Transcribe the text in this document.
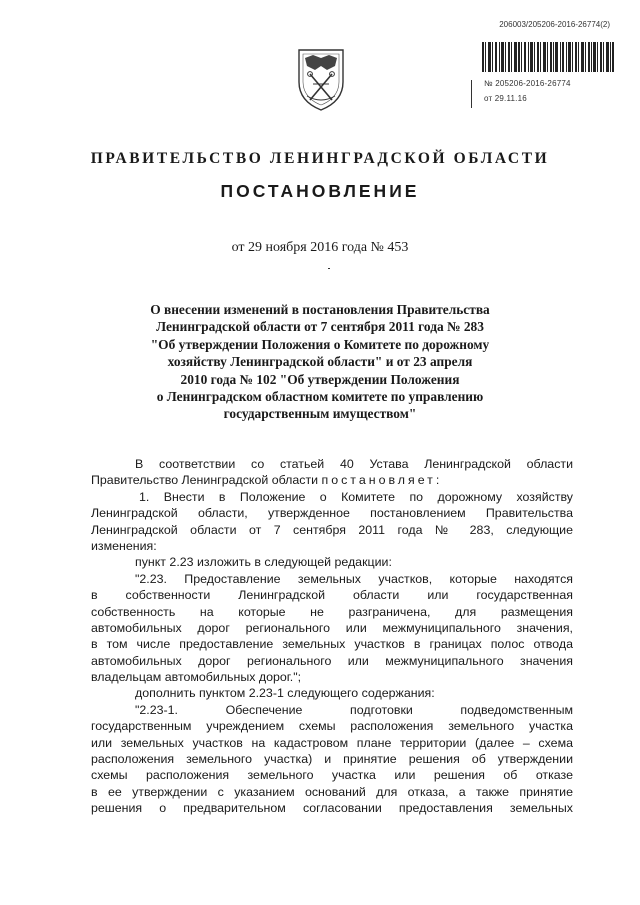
206003/205206-2016-26774(2)
№ 205206-2016-26774
от 29.11.16
ПРАВИТЕЛЬСТВО ЛЕНИНГРАДСКОЙ ОБЛАСТИ
ПОСТАНОВЛЕНИЕ
от 29 ноября 2016 года № 453
О внесении изменений в постановления Правительства
Ленинградской области от 7 сентября 2011 года № 283
"Об утверждении Положения о Комитете по дорожному
хозяйству Ленинградской области" и от 23 апреля
2010 года № 102 "Об утверждении Положения
о Ленинградском областном комитете по управлению
государственным имуществом"
В соответствии со статьей 40 Устава Ленинградской области
Правительство Ленинградской области постановляет:
1. Внести в Положение о Комитете по дорожному хозяйству
Ленинградской области, утвержденное постановлением Правительства
Ленинградской области от 7 сентября 2011 года № 283, следующие
изменения:
пункт 2.23 изложить в следующей редакции:
"2.23. Предоставление земельных участков, которые находятся
в собственности Ленинградской области или государственная
собственность на которые не разграничена, для размещения
автомобильных дорог регионального или межмуниципального значения,
в том числе предоставление земельных участков в границах полос отвода
автомобильных дорог регионального или межмуниципального значения
владельцам автомобильных дорог.";
дополнить пунктом 2.23-1 следующего содержания:
"2.23-1. Обеспечение подготовки подведомственным
государственным учреждением схемы расположения земельного участка
или земельных участков на кадастровом плане территории (далее – схема
расположения земельного участка) и принятие решения об утверждении
схемы расположения земельного участка или решения об отказе
в ее утверждении с указанием оснований для отказа, а также принятие
решения о предварительном согласовании предоставления земельных
